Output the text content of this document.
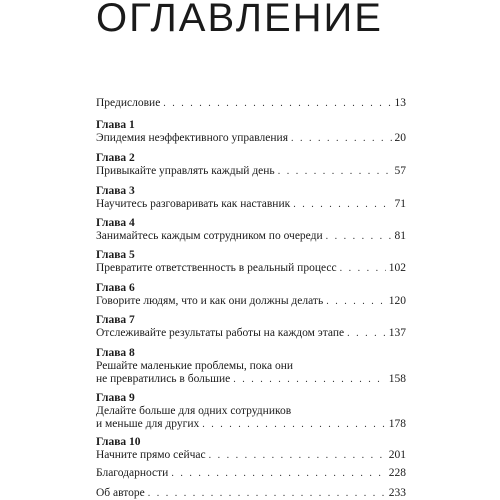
ОГЛАВЛЕНИЕ
Предисловие . . .	13
Глава 1
Эпидемия неэффективного управления . . .	20
Глава 2
Привыкайте управлять каждый день . . .	57
Глава 3
Научитесь разговаривать как наставник . . .	71
Глава 4
Занимайтесь каждым сотрудником по очереди . . .	81
Глава 5
Превратите ответственность в реальный процесс . . .	102
Глава 6
Говорите людям, что и как они должны делать . . .	120
Глава 7
Отслеживайте результаты работы на каждом этапе . . .	137
Глава 8
Решайте маленькие проблемы, пока они
не превратились в большие . . .	158
Глава 9
Делайте больше для одних сотрудников
и меньше для других . . .	178
Глава 10
Начните прямо сейчас . . .	201
Благодарности . . .	228
Об авторе . . .	233
